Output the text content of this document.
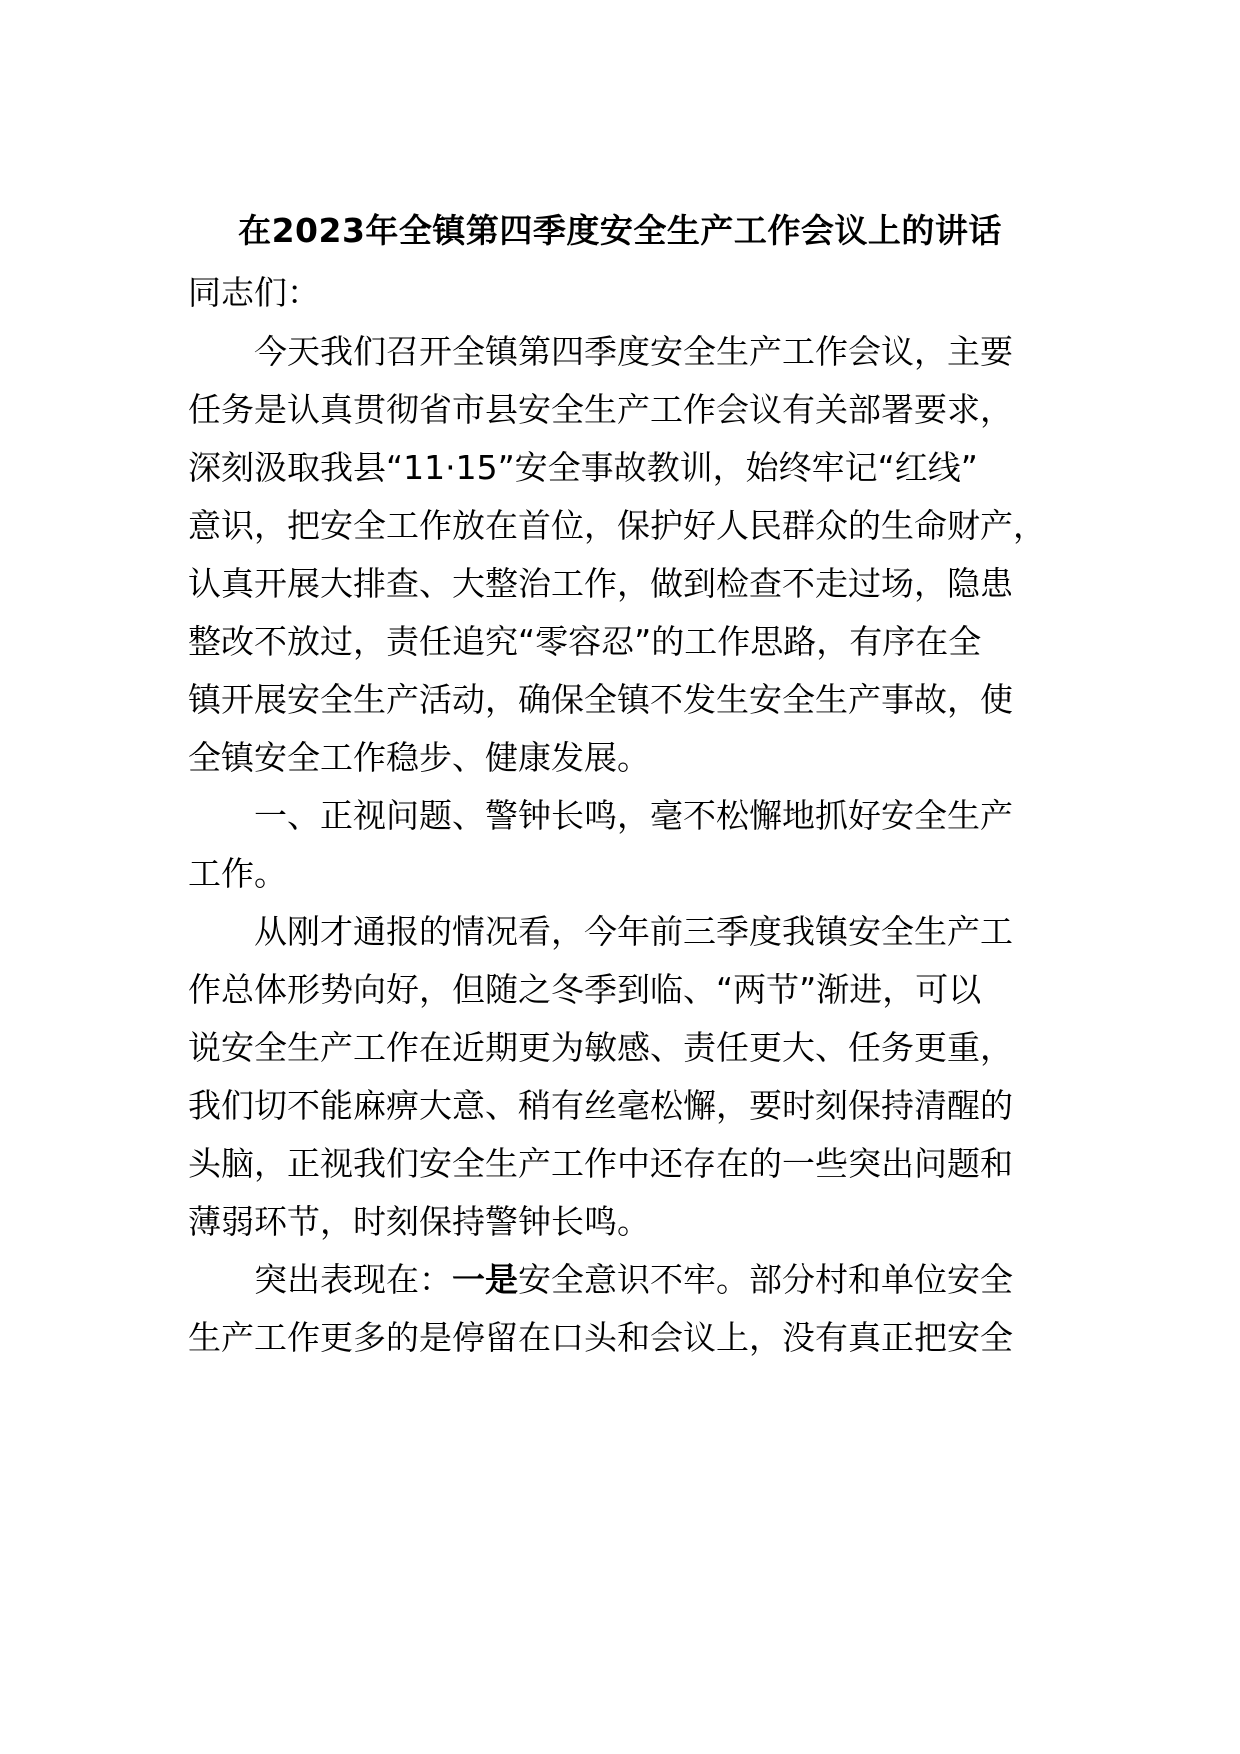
在2023年全镇第四季度安全生产工作会议上的讲话
同志们：
今天我们召开全镇第四季度安全生产工作会议，主要
任务是认真贯彻省市县安全生产工作会议有关部署要求，
深刻汲取我县“11·15”安全事故教训，始终牢记“红线”
意识，把安全工作放在首位，保护好人民群众的生命财产，
认真开展大排查、大整治工作，做到检查不走过场，隐患
整改不放过，责任追究“零容忍”的工作思路，有序在全
镇开展安全生产活动，确保全镇不发生安全生产事故，使
全镇安全工作稳步、健康发展。
一、正视问题、警钟长鸣，毫不松懈地抓好安全生产
工作。
从刚才通报的情况看，今年前三季度我镇安全生产工
作总体形势向好，但随之冬季到临、“两节”渐进，可以
说安全生产工作在近期更为敏感、责任更大、任务更重，
我们切不能麻痹大意、稍有丝毫松懈，要时刻保持清醒的
头脑，正视我们安全生产工作中还存在的一些突出问题和
薄弱环节，时刻保持警钟长鸣。
突出表现在：一是安全意识不牢。部分村和单位安全
生产工作更多的是停留在口头和会议上，没有真正把安全
